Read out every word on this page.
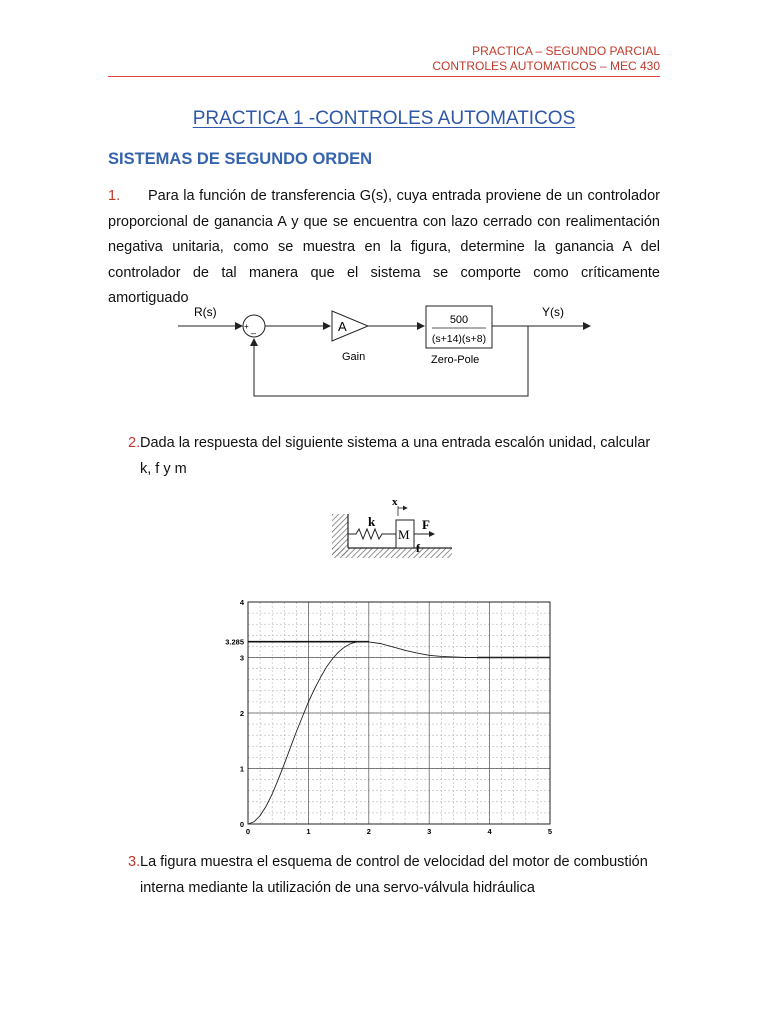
PRACTICA – SEGUNDO PARCIAL
CONTROLES AUTOMATICOS – MEC 430
PRACTICA 1 -CONTROLES AUTOMATICOS
SISTEMAS DE SEGUNDO ORDEN
1. Para la función de transferencia G(s), cuya entrada proviene de un controlador proporcional de ganancia A y que se encuentra con lazo cerrado con realimentación negativa unitaria, como se muestra en la figura, determine la ganancia A del controlador de tal manera que el sistema se comporte como críticamente amortiguado
R(s)
+ _	A
Gain
500
(s+14)(s+8)
Zero-Pole
Y(s)
2. Dada la respuesta del siguiente sistema a una entrada escalón unidad, calcular k, f y m
k
M
F
f
x
0	1	2	3	4	5
0
1
2
3
4
3.285
3. La figura muestra el esquema de control de velocidad del motor de combustión interna mediante la utilización de una servo-válvula hidráulica
